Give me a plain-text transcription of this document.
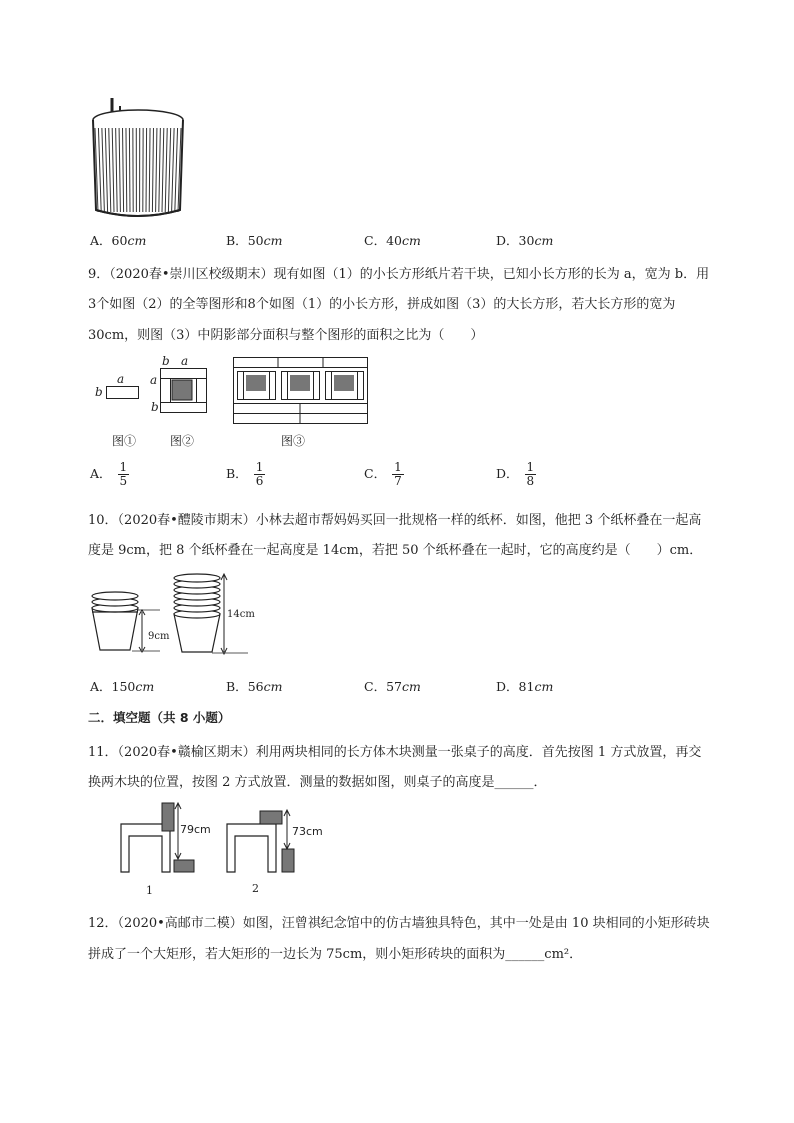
A．60cm	B．50cm	C．40cm	D．30cm
9．（2020春•崇川区校级期末）现有如图（1）的小长方形纸片若干块，已知小长方形的长为 a，宽为 b．用
3个如图（2）的全等图形和8个如图（1）的小长方形，拼成如图（3）的大长方形，若大长方形的宽为
30cm，则图（3）中阴影部分面积与整个图形的面积之比为（　　）
b
a
b a
a
b
图①	图②	图③
A． $\frac{1}{5}$	B． $\frac{1}{6}$	C． $\frac{1}{7}$	D． $\frac{1}{8}$
10．（2020春•醴陵市期末）小林去超市帮妈妈买回一批规格一样的纸杯．如图，他把 3 个纸杯叠在一起高
度是 9cm，把 8 个纸杯叠在一起高度是 14cm，若把 50 个纸杯叠在一起时，它的高度约是（　　）cm．
9cm
14cm
A．150cm	B．56cm	C．57cm	D．81cm
二．填空题（共 8 小题）
11．（2020春•赣榆区期末）利用两块相同的长方体木块测量一张桌子的高度．首先按图 1 方式放置，再交
换两木块的位置，按图 2 方式放置．测量的数据如图，则桌子的高度是______．
79cm
1
73cm
2
12．（2020•高邮市二模）如图，汪曾祺纪念馆中的仿古墙独具特色，其中一处是由 10 块相同的小矩形砖块
拼成了一个大矩形，若大矩形的一边长为 75cm，则小矩形砖块的面积为______cm²．
